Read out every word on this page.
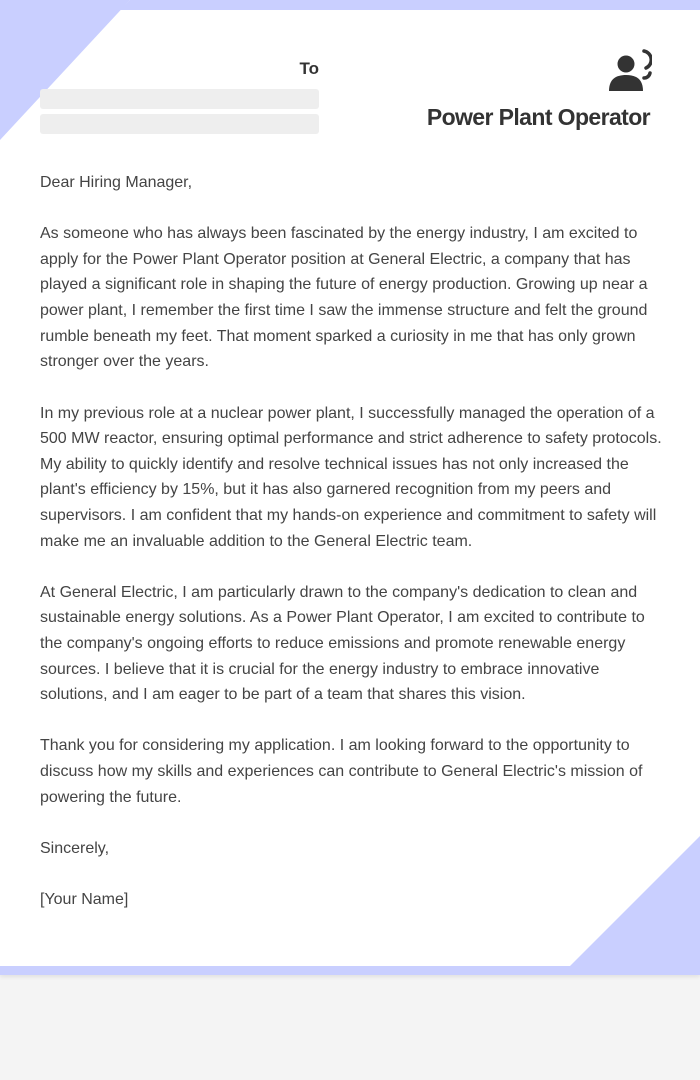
To
Power Plant Operator

Dear Hiring Manager,

As someone who has always been fascinated by the energy industry, I am excited to apply for the Power Plant Operator position at General Electric, a company that has played a significant role in shaping the future of energy production. Growing up near a power plant, I remember the first time I saw the immense structure and felt the ground rumble beneath my feet. That moment sparked a curiosity in me that has only grown stronger over the years.

In my previous role at a nuclear power plant, I successfully managed the operation of a 500 MW reactor, ensuring optimal performance and strict adherence to safety protocols. My ability to quickly identify and resolve technical issues has not only increased the plant's efficiency by 15%, but it has also garnered recognition from my peers and supervisors. I am confident that my hands-on experience and commitment to safety will make me an invaluable addition to the General Electric team.

At General Electric, I am particularly drawn to the company's dedication to clean and sustainable energy solutions. As a Power Plant Operator, I am excited to contribute to the company's ongoing efforts to reduce emissions and promote renewable energy sources. I believe that it is crucial for the energy industry to embrace innovative solutions, and I am eager to be part of a team that shares this vision.

Thank you for considering my application. I am looking forward to the opportunity to discuss how my skills and experiences can contribute to General Electric's mission of powering the future.

Sincerely,

[Your Name]
